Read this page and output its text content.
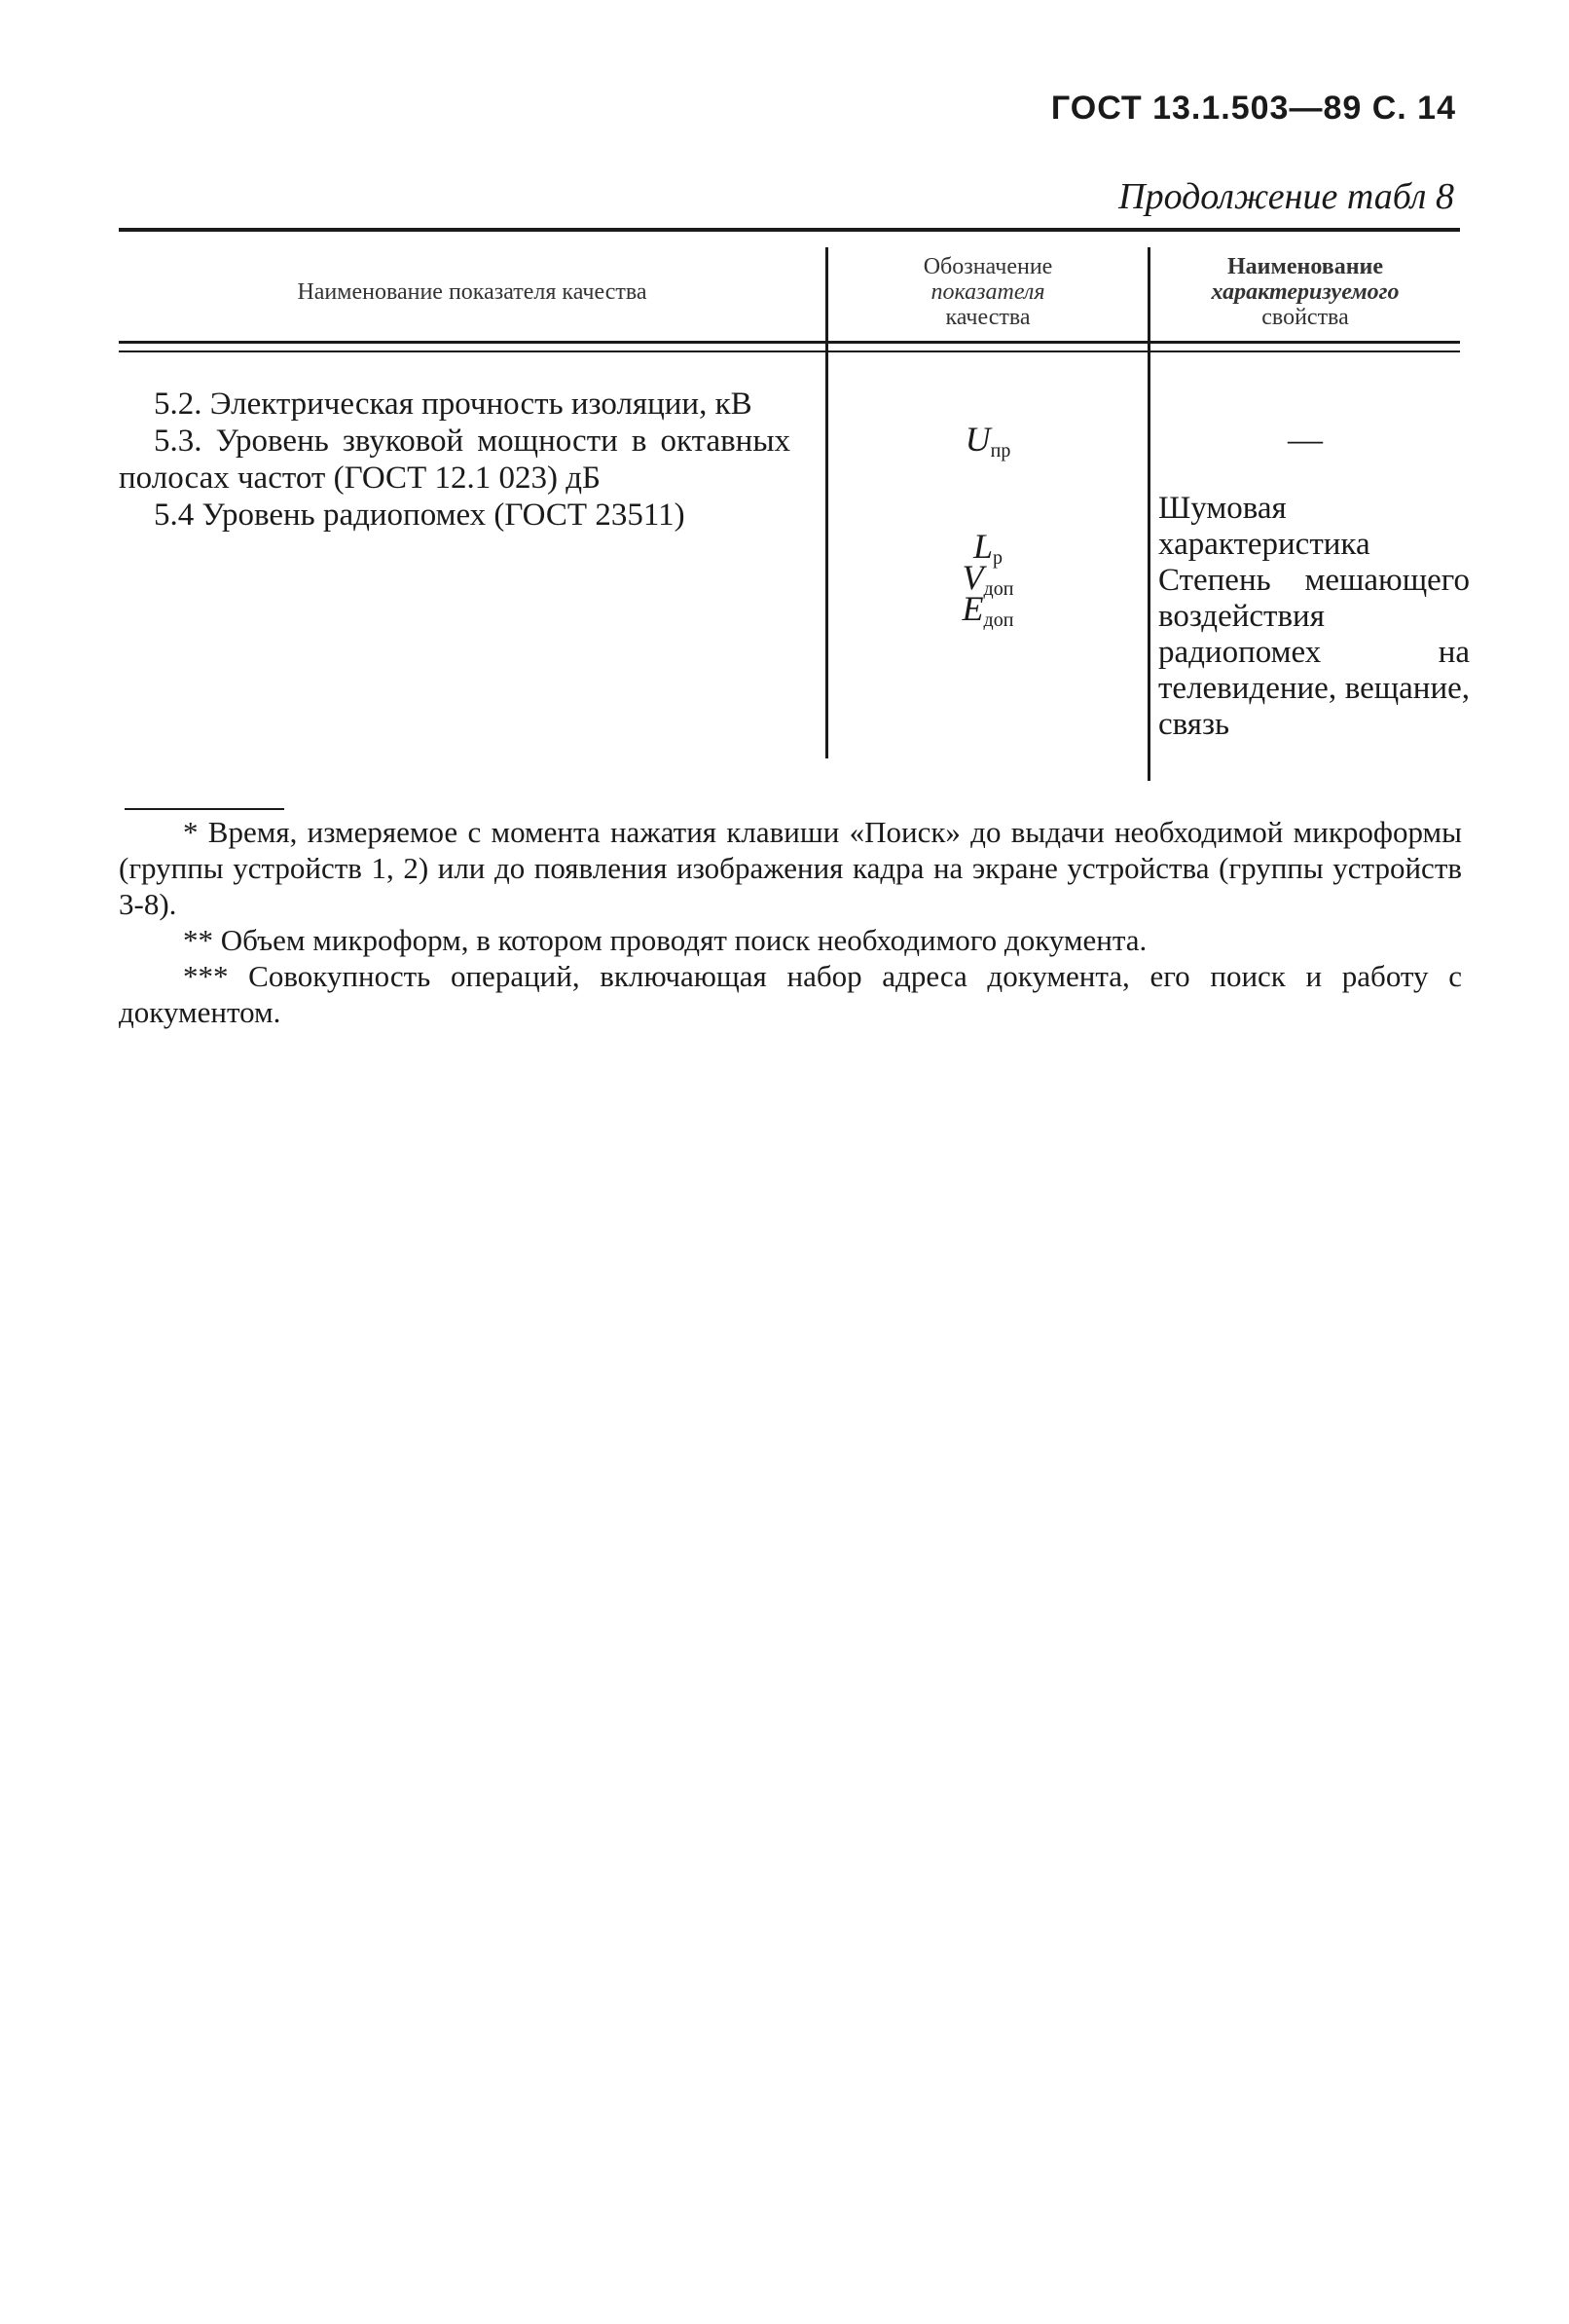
ГОСТ 13.1.503—89 С. 14
Продолжение табл 8
Наименование показателя качества
Обозначение
показателя
качества
Наименование
характеризуемого
свойства

5.2. Электрическая прочность изоляции, кВ

5.3. Уровень звуковой мощности в октавных полосах частот (ГОСТ 12.1 023) дБ

5.4 Уровень радиопомех (ГОСТ 23511)

$U_{пр}$
$L_p$
$V_{доп}$
$E_{доп}$
—
Шумовая характеристика
Степень мешающего воздействия радиопомех на телевидение, вещание, связь

* Время, измеряемое с момента нажатия клавиши «Поиск» до выдачи необходимой микроформы (группы устройств 1, 2) или до появления изображения кадра на экране устройства (группы устройств 3-8).

** Объем микроформ, в котором проводят поиск необходимого документа.

*** Совокупность операций, включающая набор адреса документа, его поиск и работу с документом.
